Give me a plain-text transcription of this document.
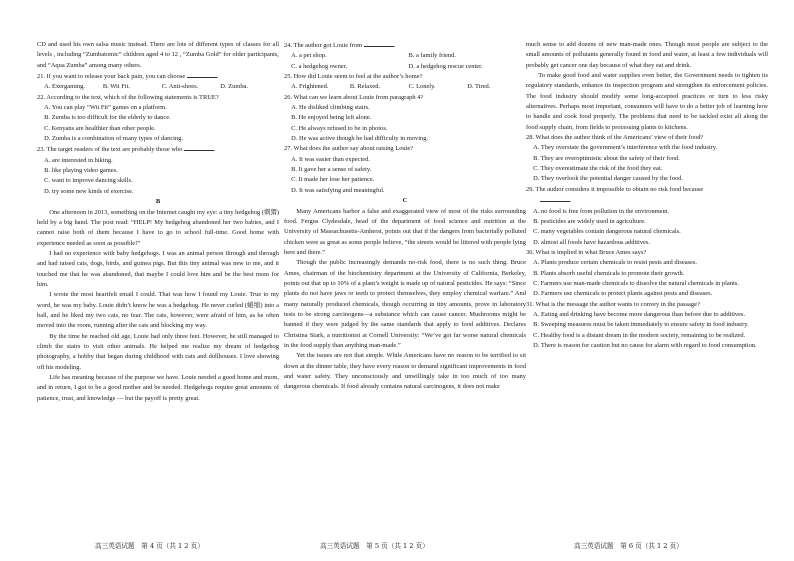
CD and used his own salsa music instead. There are lots of different types of classes for all levels , including “Zumbatomic” children aged 4 to 12 , “Zumba Gold” for older participants, and “Aqua Zumba” among many others.

21. If you want to release your back pain, you can choose	.

A. Exergaming.	B. Wii Fit.	C. Anti-shoes.	D. Zumba.

22. According to the text, which of the following statements is TRUE?

A. You can play “Wii Fit” games on a platform.

B. Zumba is too difficult for the elderly to dance.

C. Kenyans are healthier than other people.

D. Zumba is a combination of many types of dancing.

23. The target readers of the text are probably those who	.

A. are interested in hiking.

B. like playing video games.

C. want to improve dancing skills.

D. try some new kinds of exercise.

B

One afternoon in 2013, something on the Internet caught my eye: a tiny hedgehog (刺猬) held by a big hand. The post read: “HELP! My hedgehog abandoned her two babies, and I cannot raise both of them because I have to go to school full-time. Good home with experience needed as soon as possible!”

I had no experience with baby hedgehogs. I was an animal person through and through and had raised cats, dogs, birds, and guinea pigs. But this tiny animal was new to me, and it touched me that he was abandoned, that maybe I could love him and be the best mom for him.

I wrote the most heartfelt email I could. That was how I found my Louie. True to my word, he was my baby. Louie didn’t know he was a hedgehog. He never curled (蜷缩) into a ball, and he liked my two cats, no fear. The cats, however, were afraid of him, as he often moved into the room, running after the cats and blocking my way.

By the time he reached old age, Louie had only three feet. However, he still managed to climb the stairs to visit other animals. He helped me realize my dream of hedgehog photography, a hobby that began during childhood with cats and dollhouses. I love showing off his modeling.

Life has meaning because of the purpose we have. Louie needed a good home and mom, and in return, I got to be a good mother and be needed. Hedgehogs require great amounts of patience, trust, and knowledge — but the payoff is pretty great.

24. The author got Louie from	.

A. a pet shop.	B. a family friend.
C. a hedgehog owner.	D. a hedgehog rescue center.

25. How did Louie seem to feel at the author’s home?

A. Frightened.	B. Relaxed.	C. Lonely.	D. Tired.

26. What can we learn about Louie from paragraph 4?

A. He disliked climbing stairs.

B. He enjoyed being left alone.

C. He always refused to be in photos.

D. He was active though he had difficulty in moving.

27. What does the author say about raising Louie?

A. It was easier than expected.

B. It gave her a sense of safety.

C. It made her lose her patience.

D. It was satisfying and meaningful.

C

Many Americans harbor a false and exaggerated view of most of the risks surrounding food. Fergus Clydesdale, head of the department of food science and nutrition at the University of Massachusetts-Amherst, points out that if the dangers from bacterially polluted chicken were as great as some people believe, “the streets would be littered with people lying here and there.”

Though the public increasingly demands no-risk food, there is no such thing. Bruce Ames, chairman of the biochemistry department at the University of California, Berkeley, points out that up to 10% of a plant’s weight is made up of natural pesticides. He says: “Since plants do not have jaws or teeth to protect themselves, they employ chemical warfare.” And many naturally produced chemicals, though occurring in tiny amounts, prove in laboratory tests to be strong carcinogens—a substance which can cause cancer. Mushrooms might be banned if they were judged by the same standards that apply to food additives. Declares Christina Stark, a nutritionist at Cornell University: “We’ve got far worse natural chemicals in the food supply than anything man-made.”

Yet the issues are not that simple. While Americans have no reason to be terrified to sit down at the dinner table, they have every reason to demand significant improvements in food and water safety. They unconsciously and unwillingly take in too much of too many dangerous chemicals. If food already contains natural carcinogens, it does not make

much sense to add dozens of new man-made ones. Though most people are subject to the small amounts of pollutants generally found in food and water, at least a few individuals will probably get cancer one day because of what they eat and drink.

To make good food and water supplies even better, the Government needs to tighten its regulatory standards, enhance its inspection program and strengthen its enforcement policies. The food industry should modify some long-accepted practices or turn to less risky alternatives. Perhaps most important, consumers will have to do a better job of learning how to handle and cook food properly. The problems that need to be tackled exist all along the food supply chain, from fields to processing plants to kitchens.

28. What does the author think of the Americans’ view of their food?

A. They overstate the government’s interference with the food industry.

B. They are overoptimistic about the safety of their food.

C. They overestimate the risk of the food they eat.

D. They overlook the potential danger caused by the food.

29. The author considers it impossible to obtain no risk food because
.

A. no food is free from pollution in the environment.

B. pesticides are widely used in agriculture.

C. many vegetables contain dangerous natural chemicals.

D. almost all foods have hazardous additives.

30. What is implied in what Bruce Ames says?

A. Plants produce certain chemicals to resist pests and diseases.

B. Plants absorb useful chemicals to promote their growth.

C. Farmers use man-made chemicals to dissolve the natural chemicals in plants.

D. Farmers use chemicals to protect plants against pests and diseases.

31. What is the message the author wants to convey in the passage?

A. Eating and drinking have become more dangerous than before due to additives.

B. Sweeping measures must be taken immediately to ensure safety in food industry.

C. Healthy food is a distant dream in the modern society, remaining to be realized.

D. There is reason for caution but no cause for alarm with regard to food consumption.

高三英语试题　第 4 页（共 1 2 页）	高三英语试题　第 5 页（共 1 2 页）	高三英语试题　第 6 页（共 1 2 页）
